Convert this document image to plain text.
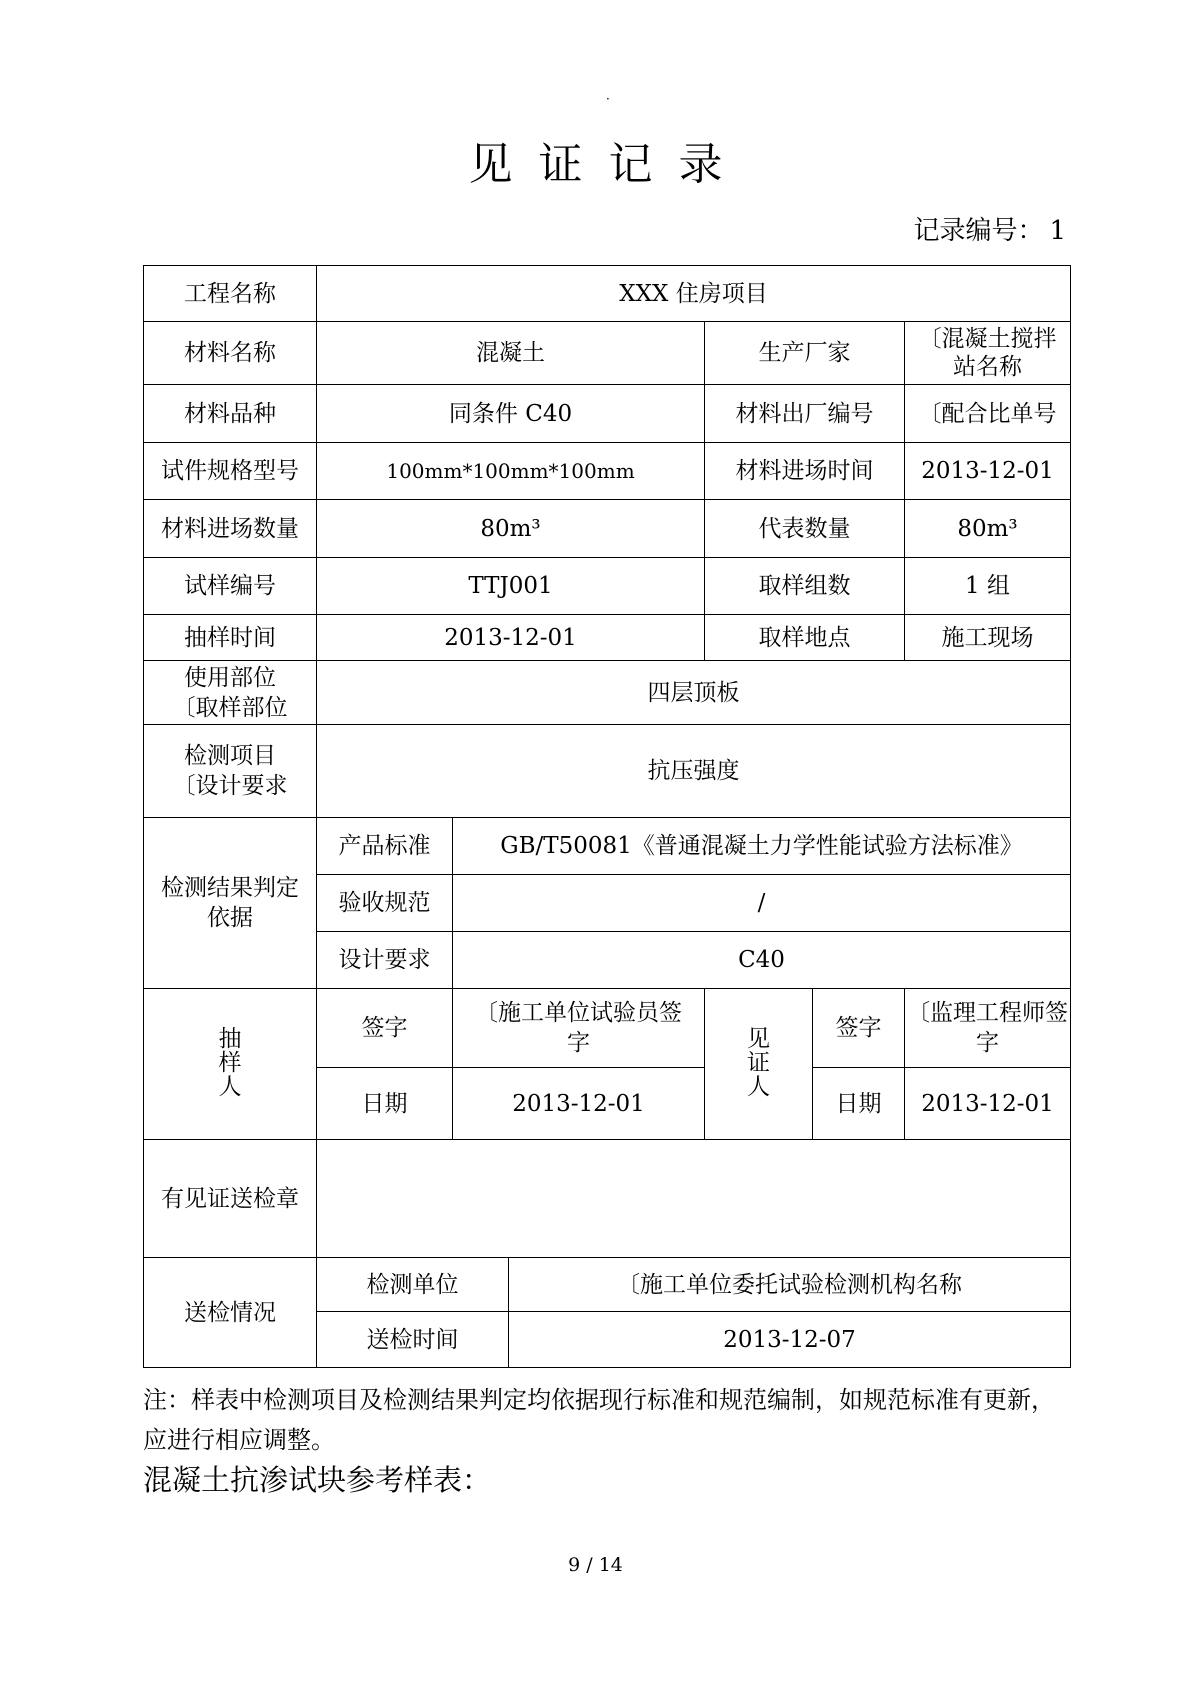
·
见证记录
记录编号： 1
工程名称	XXX 住房项目					
材料名称	混凝土			生产厂家		〔混凝土搅拌站名称
材料品种	同条件 C40			材料出厂编号		〔配合比单号
试件规格型号	100mm*100mm*100mm			材料进场时间		2013-12-01
材料进场数量	80m³			代表数量		80m³
试样编号	TTJ001			取样组数		1 组
抽样时间	2013-12-01			取样地点		施工现场
使用部位〔取样部位	四层顶板					
检测项目〔设计要求	抗压强度					
检测结果判定依据	产品标准	GB/T50081《普通混凝土力学性能试验方法标准》				
	验收规范	/				
	设计要求	C40				
抽样人	签字	〔施工单位试验员签字		见证人	签字	〔监理工程师签字
	日期	2013-12-01			日期	2013-12-01
有见证送检章						
送检情况	检测单位		〔施工单位委托试验检测机构名称			
	送检时间		2013-12-07			
注：样表中检测项目及检测结果判定均依据现行标准和规范编制，如规范标准有更新，应进行相应调整。
混凝土抗渗试块参考样表：
9 / 14
